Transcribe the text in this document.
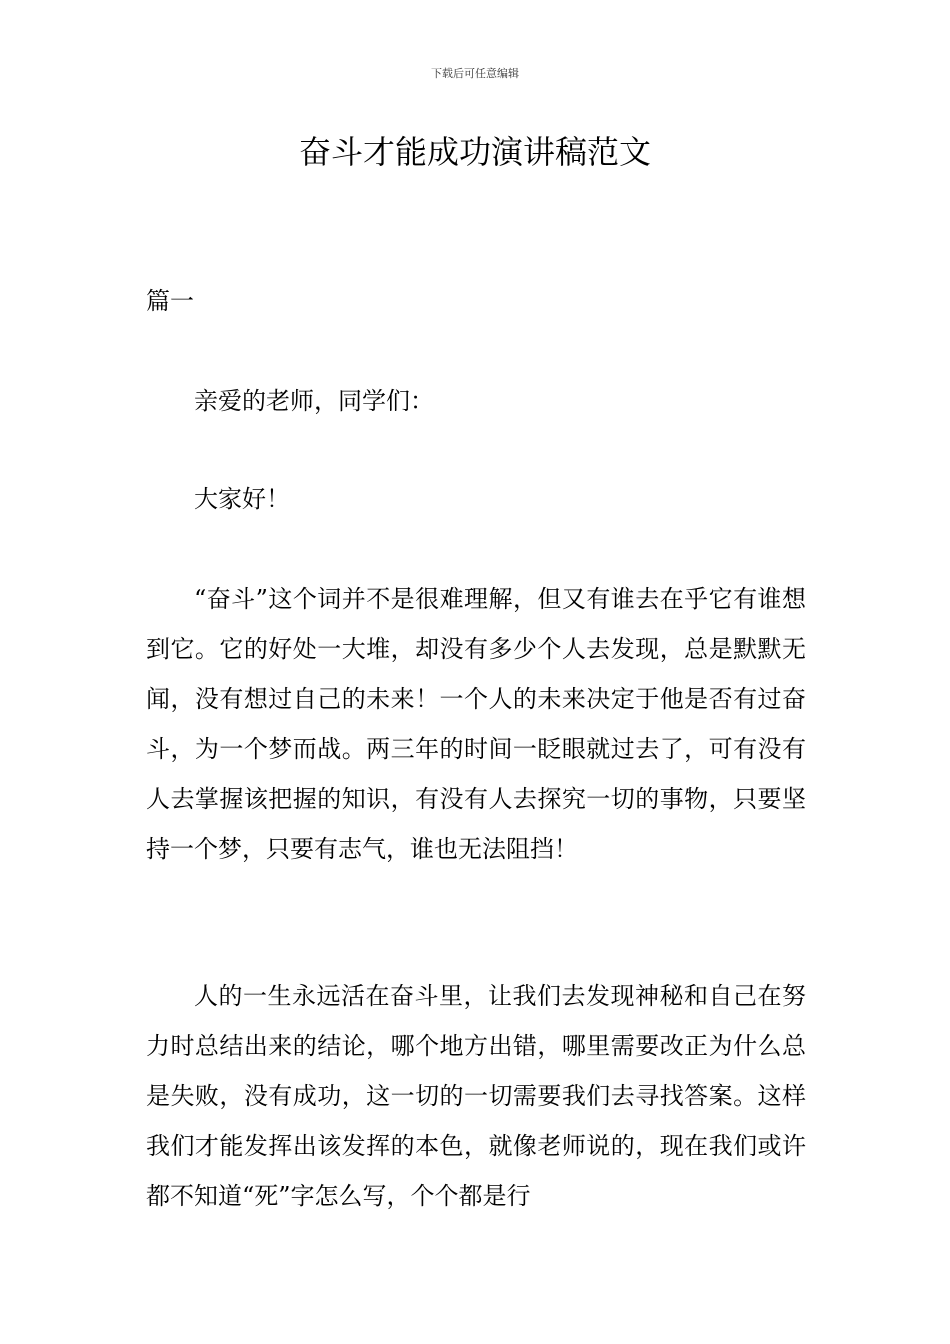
下载后可任意编辑
奋斗才能成功演讲稿范文

篇一

亲爱的老师，同学们：

大家好！

“奋斗”这个词并不是很难理解，但又有谁去在乎它有谁想到它。它的好处一大堆，却没有多少个人去发现，总是默默无闻，没有想过自己的未来！一个人的未来决定于他是否有过奋斗，为一个梦而战。两三年的时间一眨眼就过去了，可有没有人去掌握该把握的知识，有没有人去探究一切的事物，只要坚持一个梦，只要有志气，谁也无法阻挡！

人的一生永远活在奋斗里，让我们去发现神秘和自己在努力时总结出来的结论，哪个地方出错，哪里需要改正为什么总是失败，没有成功，这一切的一切需要我们去寻找答案。这样我们才能发挥出该发挥的本色，就像老师说的，现在我们或许都不知道“死”字怎么写，个个都是行
